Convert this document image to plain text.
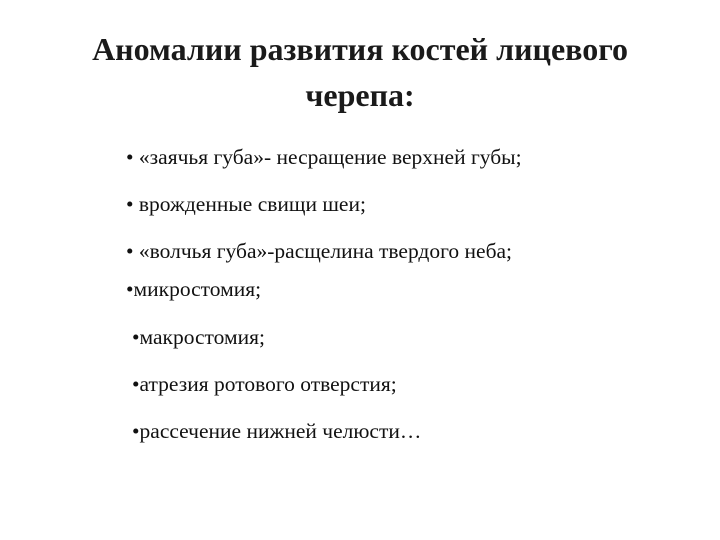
Аномалии развития костей лицевого
черепа:
• «заячья губа»- несращение верхней губы;
• врожденные свищи шеи;
• «волчья губа»-расщелина твердого неба;
•микростомия;
•макростомия;
•атрезия ротового отверстия;
•рассечение нижней челюсти…
